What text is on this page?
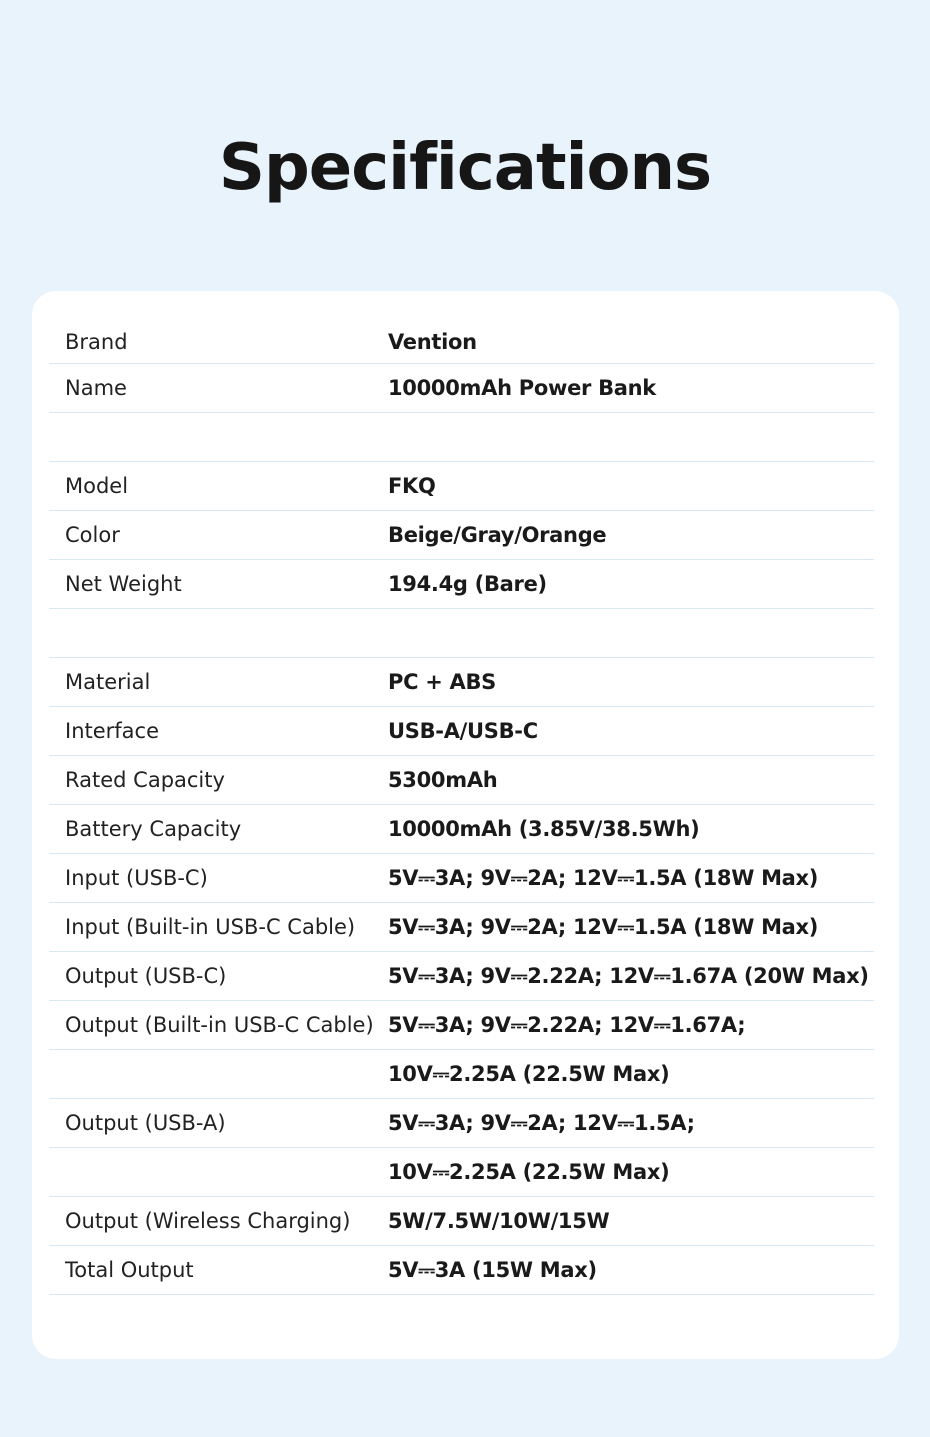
Specifications
Brand	Vention
Name	10000mAh Power Bank
Model	FKQ
Color	Beige/Gray/Orange
Net Weight	194.4g (Bare)
Material	PC + ABS
Interface	USB-A/USB-C
Rated Capacity	5300mAh
Battery Capacity	10000mAh (3.85V/38.5Wh)
Input (USB-C)	5V⎓3A; 9V⎓2A; 12V⎓1.5A (18W Max)
Input (Built-in USB-C Cable) 5V⎓3A; 9V⎓2A; 12V⎓1.5A (18W Max)
Output (USB-C)	5V⎓3A; 9V⎓2.22A; 12V⎓1.67A (20W Max)
Output (Built-in USB-C Cable) 5V⎓3A; 9V⎓2.22A; 12V⎓1.67A;
10V⎓2.25A (22.5W Max)
Output (USB-A)	5V⎓3A; 9V⎓2A; 12V⎓1.5A;
10V⎓2.25A (22.5W Max)
Output (Wireless Charging) 5W/7.5W/10W/15W
Total Output	5V⎓3A (15W Max)
